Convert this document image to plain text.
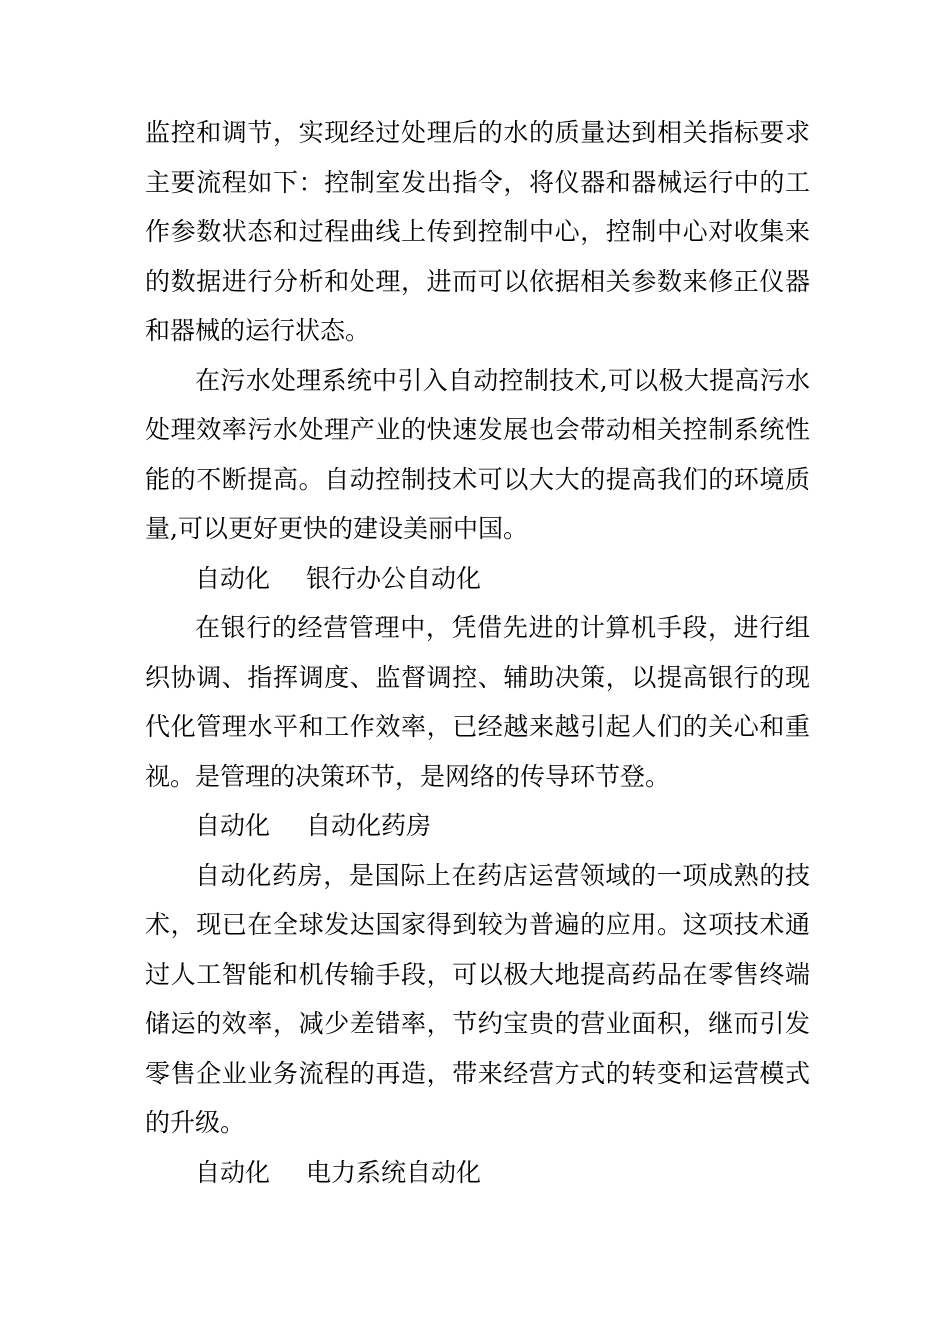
监控和调节，实现经过处理后的水的质量达到相关指标要求主要流程如下：控制室发出指令，将仪器和器械运行中的工作参数状态和过程曲线上传到控制中心，控制中心对收集来的数据进行分析和处理，进而可以依据相关参数来修正仪器和器械的运行状态。

在污水处理系统中引入自动控制技术,可以极大提高污水处理效率污水处理产业的快速发展也会带动相关控制系统性能的不断提高。自动控制技术可以大大的提高我们的环境质量,可以更好更快的建设美丽中国。

自动化 银行办公自动化

在银行的经营管理中，凭借先进的计算机手段，进行组织协调、指挥调度、监督调控、辅助决策，以提高银行的现代化管理水平和工作效率，已经越来越引起人们的关心和重视。是管理的决策环节，是网络的传导环节登。

自动化 自动化药房

自动化药房，是国际上在药店运营领域的一项成熟的技术，现已在全球发达国家得到较为普遍的应用。这项技术通过人工智能和机传输手段，可以极大地提高药品在零售终端储运的效率，减少差错率，节约宝贵的营业面积，继而引发零售企业业务流程的再造，带来经营方式的转变和运营模式的升级。

自动化 电力系统自动化
